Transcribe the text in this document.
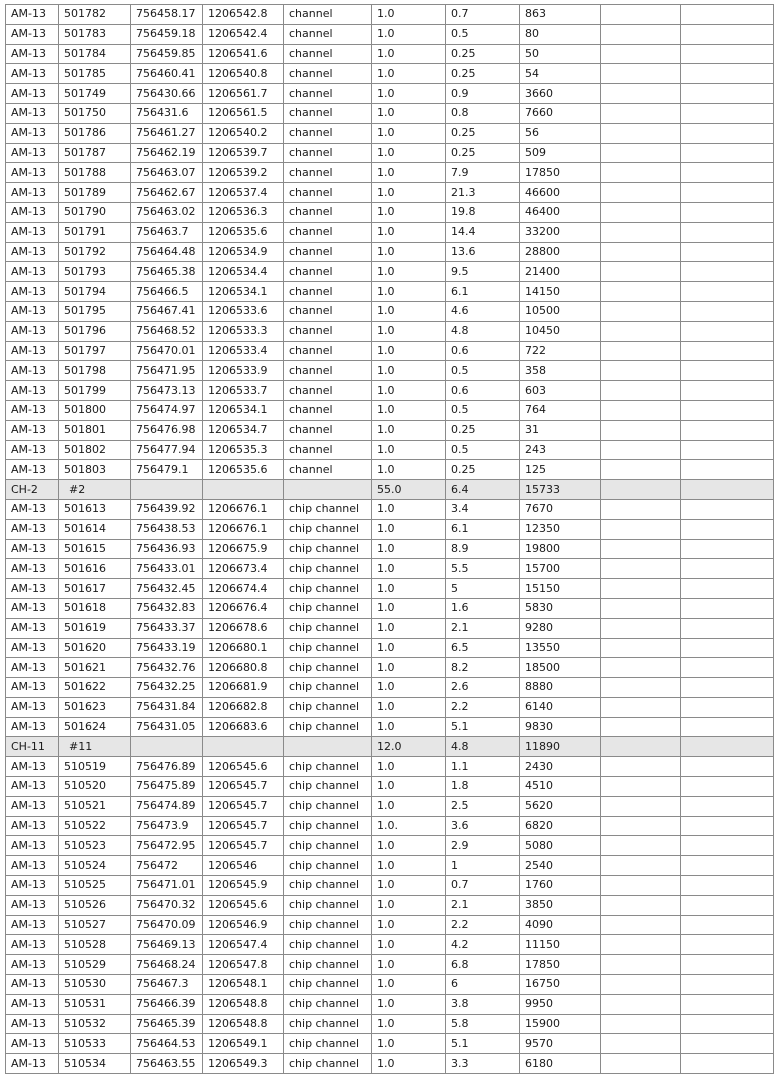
AM-13	501782	756458.17	1206542.8	channel	1.0	0.7	863		
AM-13	501783	756459.18	1206542.4	channel	1.0	0.5	80		
AM-13	501784	756459.85	1206541.6	channel	1.0	0.25	50		
AM-13	501785	756460.41	1206540.8	channel	1.0	0.25	54		
AM-13	501749	756430.66	1206561.7	channel	1.0	0.9	3660		
AM-13	501750	756431.6	1206561.5	channel	1.0	0.8	7660		
AM-13	501786	756461.27	1206540.2	channel	1.0	0.25	56		
AM-13	501787	756462.19	1206539.7	channel	1.0	0.25	509		
AM-13	501788	756463.07	1206539.2	channel	1.0	7.9	17850		
AM-13	501789	756462.67	1206537.4	channel	1.0	21.3	46600		
AM-13	501790	756463.02	1206536.3	channel	1.0	19.8	46400		
AM-13	501791	756463.7	1206535.6	channel	1.0	14.4	33200		
AM-13	501792	756464.48	1206534.9	channel	1.0	13.6	28800		
AM-13	501793	756465.38	1206534.4	channel	1.0	9.5	21400		
AM-13	501794	756466.5	1206534.1	channel	1.0	6.1	14150		
AM-13	501795	756467.41	1206533.6	channel	1.0	4.6	10500		
AM-13	501796	756468.52	1206533.3	channel	1.0	4.8	10450		
AM-13	501797	756470.01	1206533.4	channel	1.0	0.6	722		
AM-13	501798	756471.95	1206533.9	channel	1.0	0.5	358		
AM-13	501799	756473.13	1206533.7	channel	1.0	0.6	603		
AM-13	501800	756474.97	1206534.1	channel	1.0	0.5	764		
AM-13	501801	756476.98	1206534.7	channel	1.0	0.25	31		
AM-13	501802	756477.94	1206535.3	channel	1.0	0.5	243		
AM-13	501803	756479.1	1206535.6	channel	1.0	0.25	125		
CH-2	#2				55.0	6.4	15733		
AM-13	501613	756439.92	1206676.1	chip channel	1.0	3.4	7670		
AM-13	501614	756438.53	1206676.1	chip channel	1.0	6.1	12350		
AM-13	501615	756436.93	1206675.9	chip channel	1.0	8.9	19800		
AM-13	501616	756433.01	1206673.4	chip channel	1.0	5.5	15700		
AM-13	501617	756432.45	1206674.4	chip channel	1.0	5	15150		
AM-13	501618	756432.83	1206676.4	chip channel	1.0	1.6	5830		
AM-13	501619	756433.37	1206678.6	chip channel	1.0	2.1	9280		
AM-13	501620	756433.19	1206680.1	chip channel	1.0	6.5	13550		
AM-13	501621	756432.76	1206680.8	chip channel	1.0	8.2	18500		
AM-13	501622	756432.25	1206681.9	chip channel	1.0	2.6	8880		
AM-13	501623	756431.84	1206682.8	chip channel	1.0	2.2	6140		
AM-13	501624	756431.05	1206683.6	chip channel	1.0	5.1	9830		
CH-11	#11				12.0	4.8	11890		
AM-13	510519	756476.89	1206545.6	chip channel	1.0	1.1	2430		
AM-13	510520	756475.89	1206545.7	chip channel	1.0	1.8	4510		
AM-13	510521	756474.89	1206545.7	chip channel	1.0	2.5	5620		
AM-13	510522	756473.9	1206545.7	chip channel	1.0.	3.6	6820		
AM-13	510523	756472.95	1206545.7	chip channel	1.0	2.9	5080		
AM-13	510524	756472	1206546	chip channel	1.0	1	2540		
AM-13	510525	756471.01	1206545.9	chip channel	1.0	0.7	1760		
AM-13	510526	756470.32	1206545.6	chip channel	1.0	2.1	3850		
AM-13	510527	756470.09	1206546.9	chip channel	1.0	2.2	4090		
AM-13	510528	756469.13	1206547.4	chip channel	1.0	4.2	11150		
AM-13	510529	756468.24	1206547.8	chip channel	1.0	6.8	17850		
AM-13	510530	756467.3	1206548.1	chip channel	1.0	6	16750		
AM-13	510531	756466.39	1206548.8	chip channel	1.0	3.8	9950		
AM-13	510532	756465.39	1206548.8	chip channel	1.0	5.8	15900		
AM-13	510533	756464.53	1206549.1	chip channel	1.0	5.1	9570		
AM-13	510534	756463.55	1206549.3	chip channel	1.0	3.3	6180		
